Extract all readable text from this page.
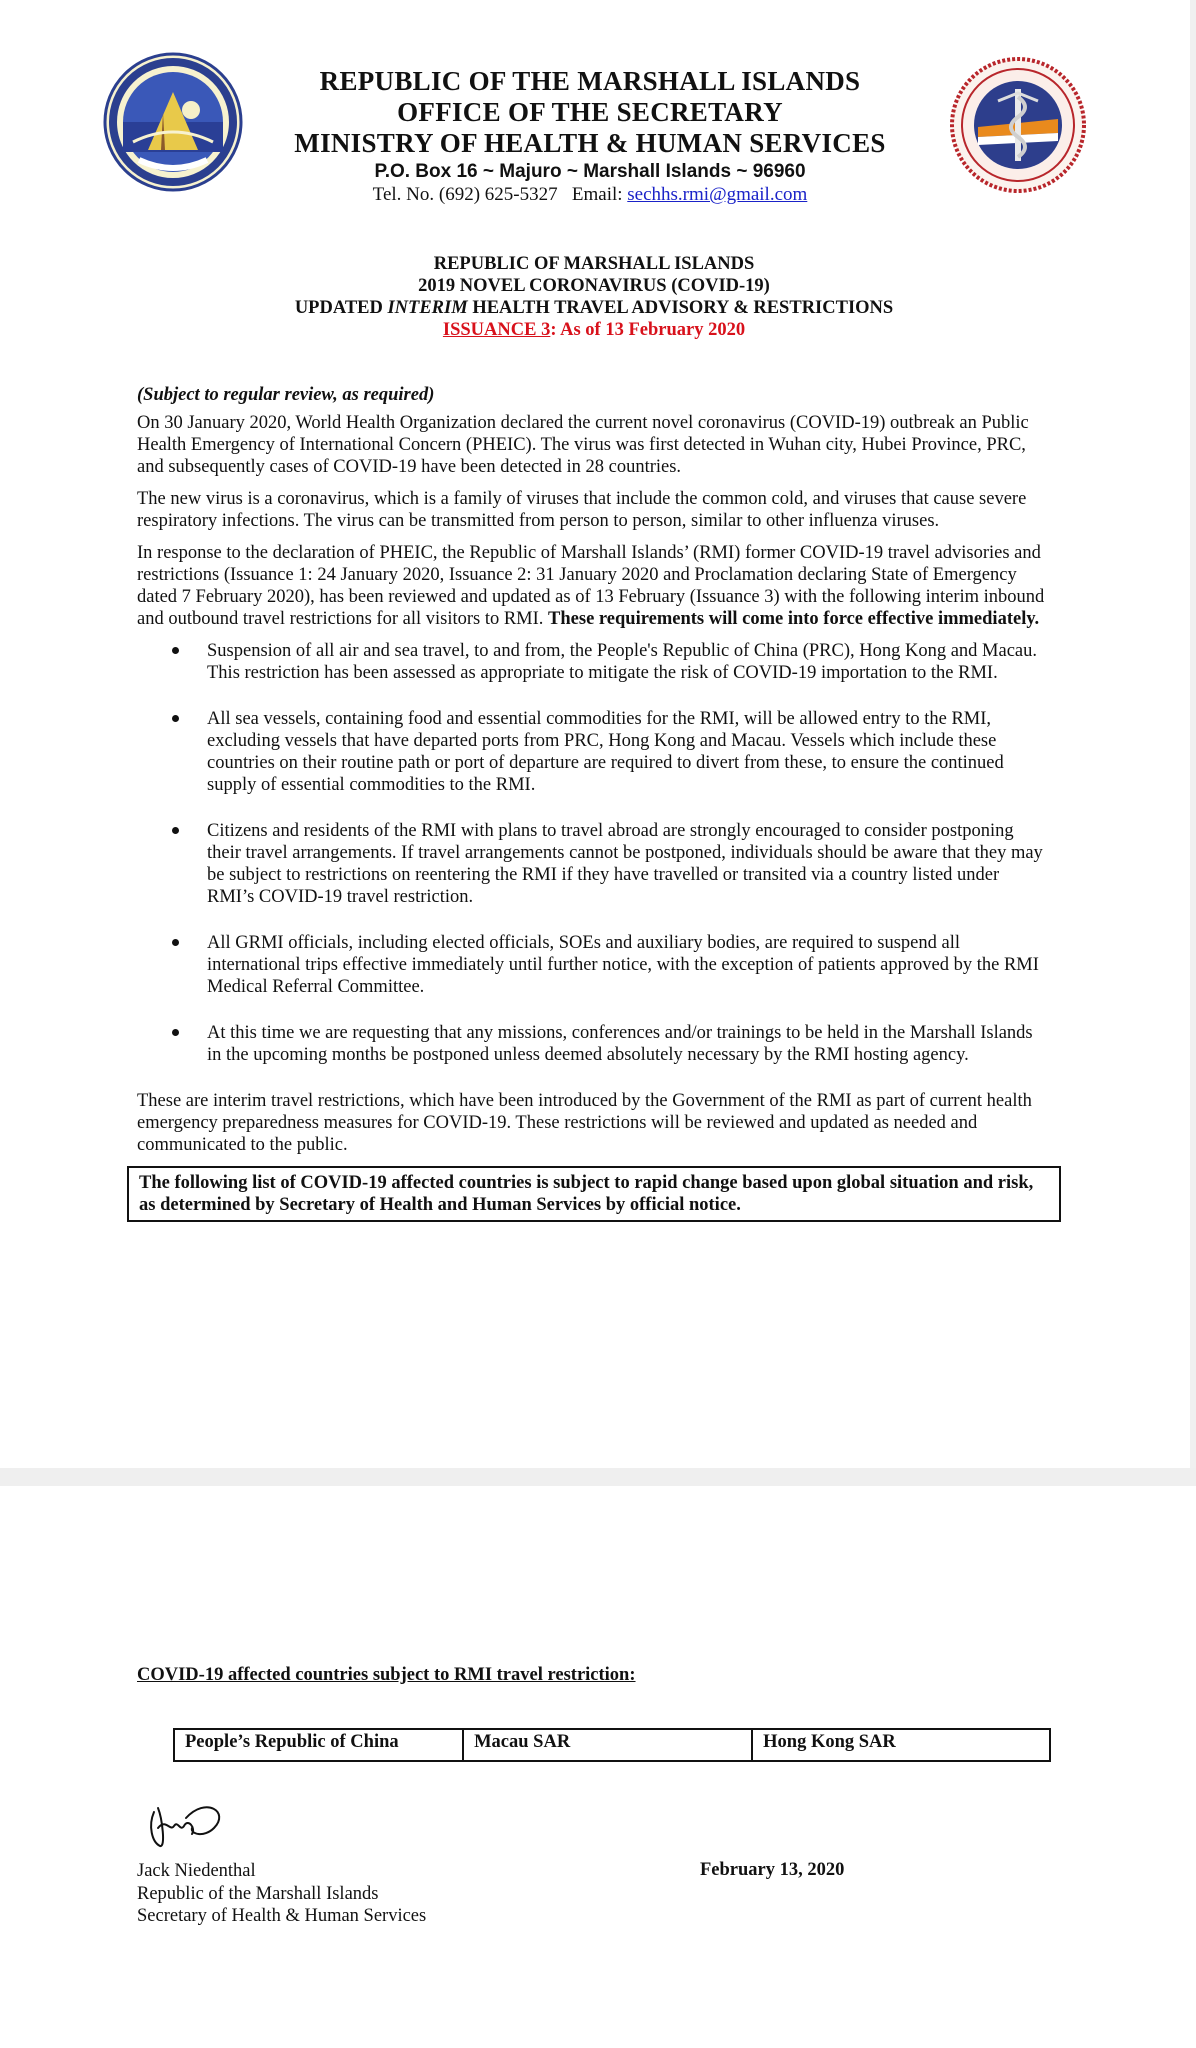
REPUBLIC OF THE MARSHALL ISLANDS
OFFICE OF THE SECRETARY
MINISTRY OF HEALTH & HUMAN SERVICES
P.O. Box 16 ~ Majuro ~ Marshall Islands ~ 96960
Tel. No. (692) 625-5327 Email: sechhs.rmi@gmail.com
REPUBLIC OF MARSHALL ISLANDS
2019 NOVEL CORONAVIRUS (COVID-19)
UPDATED INTERIM HEALTH TRAVEL ADVISORY & RESTRICTIONS
ISSUANCE 3: As of 13 February 2020

(Subject to regular review, as required)

On 30 January 2020, World Health Organization declared the current novel coronavirus (COVID-19) outbreak an Public Health Emergency of International Concern (PHEIC). The virus was first detected in Wuhan city, Hubei Province, PRC, and subsequently cases of COVID-19 have been detected in 28 countries.

The new virus is a coronavirus, which is a family of viruses that include the common cold, and viruses that cause severe respiratory infections. The virus can be transmitted from person to person, similar to other influenza viruses.

In response to the declaration of PHEIC, the Republic of Marshall Islands’ (RMI) former COVID-19 travel advisories and restrictions (Issuance 1: 24 January 2020, Issuance 2: 31 January 2020 and Proclamation declaring State of Emergency dated 7 February 2020), has been reviewed and updated as of 13 February (Issuance 3) with the following interim inbound and outbound travel restrictions for all visitors to RMI. These requirements will come into force effective immediately.

Suspension of all air and sea travel, to and from, the People's Republic of China (PRC), Hong Kong and Macau. This restriction has been assessed as appropriate to mitigate the risk of COVID-19 importation to the RMI.
All sea vessels, containing food and essential commodities for the RMI, will be allowed entry to the RMI, excluding vessels that have departed ports from PRC, Hong Kong and Macau. Vessels which include these countries on their routine path or port of departure are required to divert from these, to ensure the continued supply of essential commodities to the RMI.
Citizens and residents of the RMI with plans to travel abroad are strongly encouraged to consider postponing their travel arrangements. If travel arrangements cannot be postponed, individuals should be aware that they may be subject to restrictions on reentering the RMI if they have travelled or transited via a country listed under RMI’s COVID-19 travel restriction.
All GRMI officials, including elected officials, SOEs and auxiliary bodies, are required to suspend all international trips effective immediately until further notice, with the exception of patients approved by the RMI Medical Referral Committee.
At this time we are requesting that any missions, conferences and/or trainings to be held in the Marshall Islands in the upcoming months be postponed unless deemed absolutely necessary by the RMI hosting agency.

These are interim travel restrictions, which have been introduced by the Government of the RMI as part of current health emergency preparedness measures for COVID-19. These restrictions will be reviewed and updated as needed and communicated to the public.

The following list of COVID-19 affected countries is subject to rapid change based upon global situation and risk, as determined by Secretary of Health and Human Services by official notice.
COVID-19 affected countries subject to RMI travel restriction:
People’s Republic of China	Macau SAR	Hong Kong SAR
Jack Niedenthal
Republic of the Marshall Islands
Secretary of Health & Human Services
February 13, 2020
